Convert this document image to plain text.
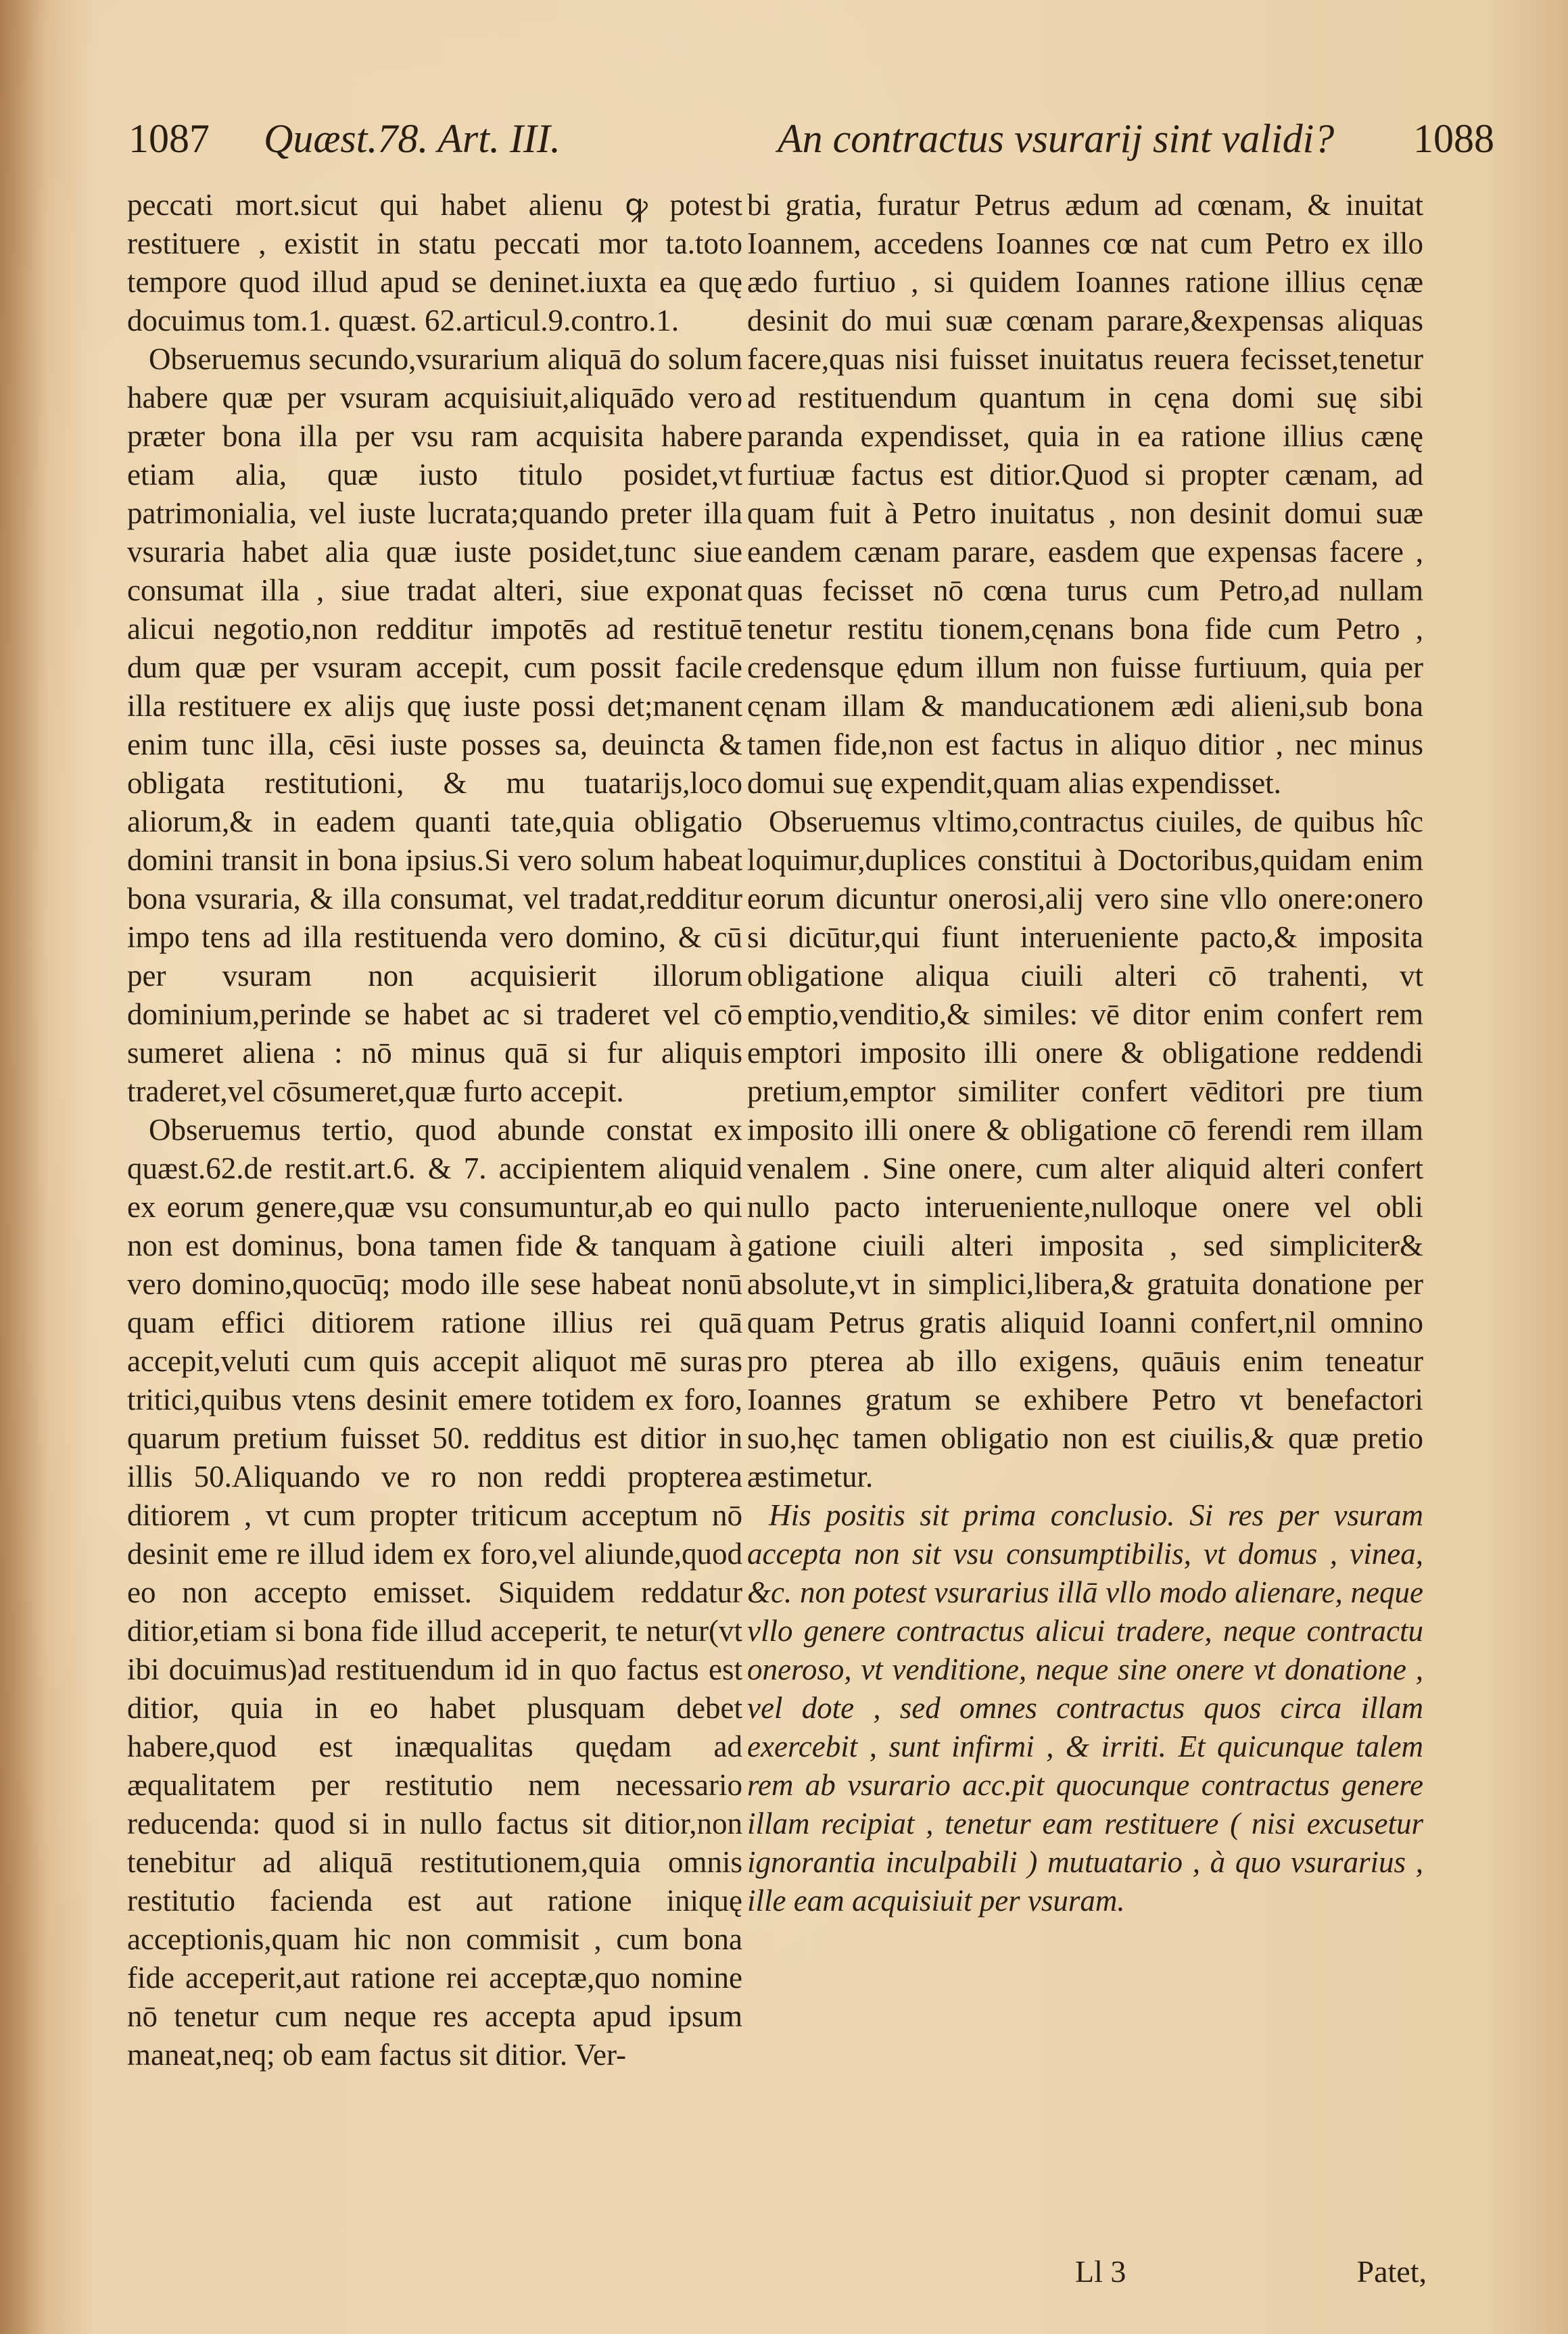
1087 Quæst.78. Art. III.	An contractus vsurarij sint validi? 1088

peccati mort.sicut qui habet alienu ꝙ potest restituere , existit in statu peccati mor ta.toto tempore quod illud apud se deninet.iuxta ea quę docuimus tom.1. quæst. 62.articul.9.contro.1.

Obseruemus secundo,vsurarium aliquā do solum habere quæ per vsuram acquisiuit,aliquādo vero præter bona illa per vsu ram acquisita habere etiam alia, quæ iusto titulo posidet,vt patrimonialia, vel iuste lucrata;quando preter illa vsuraria habet alia quæ iuste posidet,tunc siue consumat illa , siue tradat alteri, siue exponat alicui negotio,non redditur impotēs ad restituē dum quæ per vsuram accepit, cum possit facile illa restituere ex alijs quę iuste possi det;manent enim tunc illa, cēsi iuste posses sa, deuincta & obligata restitutioni, & mu tuatarijs,loco aliorum,& in eadem quanti tate,quia obligatio domini transit in bona ipsius.Si vero solum habeat bona vsuraria, & illa consumat, vel tradat,redditur impo tens ad illa restituenda vero domino, & cū per vsuram non acquisierit illorum dominium,perinde se habet ac si traderet vel cō sumeret aliena : nō minus quā si fur aliquis traderet,vel cōsumeret,quæ furto accepit.

Obseruemus tertio, quod abunde constat ex quæst.62.de restit.art.6. & 7. accipientem aliquid ex eorum genere,quæ vsu consumuntur,ab eo qui non est dominus, bona tamen fide & tanquam à vero domino,quocūq; modo ille sese habeat nonū quam effici ditiorem ratione illius rei quā accepit,veluti cum quis accepit aliquot mē suras tritici,quibus vtens desinit emere totidem ex foro, quarum pretium fuisset 50. redditus est ditior in illis 50.Aliquando ve ro non reddi propterea ditiorem , vt cum propter triticum acceptum nō desinit eme re illud idem ex foro,vel aliunde,quod eo non accepto emisset. Siquidem reddatur ditior,etiam si bona fide illud acceperit, te netur(vt ibi docuimus)ad restituendum id in quo factus est ditior, quia in eo habet plusquam debet habere,quod est inæqualitas quędam ad æqualitatem per restitutio nem necessario reducenda: quod si in nullo factus sit ditior,non tenebitur ad aliquā restitutionem,quia omnis restitutio facienda est aut ratione iniquę acceptionis,quam hic non commisit , cum bona fide acceperit,aut ratione rei acceptæ,quo nomine nō tenetur cum neque res accepta apud ipsum maneat,neq; ob eam factus sit ditior. Ver-

bi gratia, furatur Petrus ædum ad cœnam, & inuitat Ioannem, accedens Ioannes cœ nat cum Petro ex illo ædo furtiuo , si quidem Ioannes ratione illius cęnæ desinit do mui suæ cœnam parare,&expensas aliquas facere,quas nisi fuisset inuitatus reuera fecisset,tenetur ad restituendum quantum in cęna domi suę sibi paranda expendisset, quia in ea ratione illius cænę furtiuæ factus est ditior.Quod si propter cænam, ad quam fuit à Petro inuitatus , non desinit domui suæ eandem cænam parare, easdem que expensas facere , quas fecisset nō cœna turus cum Petro,ad nullam tenetur restitu tionem,cęnans bona fide cum Petro , credensque ędum illum non fuisse furtiuum, quia per cęnam illam & manducationem ædi alieni,sub bona tamen fide,non est factus in aliquo ditior , nec minus domui suę expendit,quam alias expendisset.

Obseruemus vltimo,contractus ciuiles, de quibus hîc loquimur,duplices constitui à Doctoribus,quidam enim eorum dicuntur onerosi,alij vero sine vllo onere:onero si dicūtur,qui fiunt interueniente pacto,& imposita obligatione aliqua ciuili alteri cō trahenti, vt emptio,venditio,& similes: vē ditor enim confert rem emptori imposito illi onere & obligatione reddendi pretium,emptor similiter confert vēditori pre tium imposito illi onere & obligatione cō ferendi rem illam venalem . Sine onere, cum alter aliquid alteri confert nullo pacto interueniente,nulloque onere vel obli gatione ciuili alteri imposita , sed simpliciter& absolute,vt in simplici,libera,& gratuita donatione per quam Petrus gratis aliquid Ioanni confert,nil omnino pro pterea ab illo exigens, quāuis enim teneatur Ioannes gratum se exhibere Petro vt benefactori suo,hęc tamen obligatio non est ciuilis,& quæ pretio æstimetur.

His positis sit prima conclusio. Si res per vsuram accepta non sit vsu consumptibilis, vt domus , vinea, &c. non potest vsurarius illā vllo modo alienare, neque vllo genere contractus alicui tradere, neque contractu oneroso, vt venditione, neque sine onere vt donatione , vel dote , sed omnes contractus quos circa illam exercebit , sunt infirmi , & irriti. Et quicunque talem rem ab vsurario acc.pit quocunque contractus genere illam recipiat , tenetur eam restituere ( nisi excusetur ignorantia inculpabili ) mutuatario , à quo vsurarius , ille eam acquisiuit per vsuram.

Ll 3	Patet,
